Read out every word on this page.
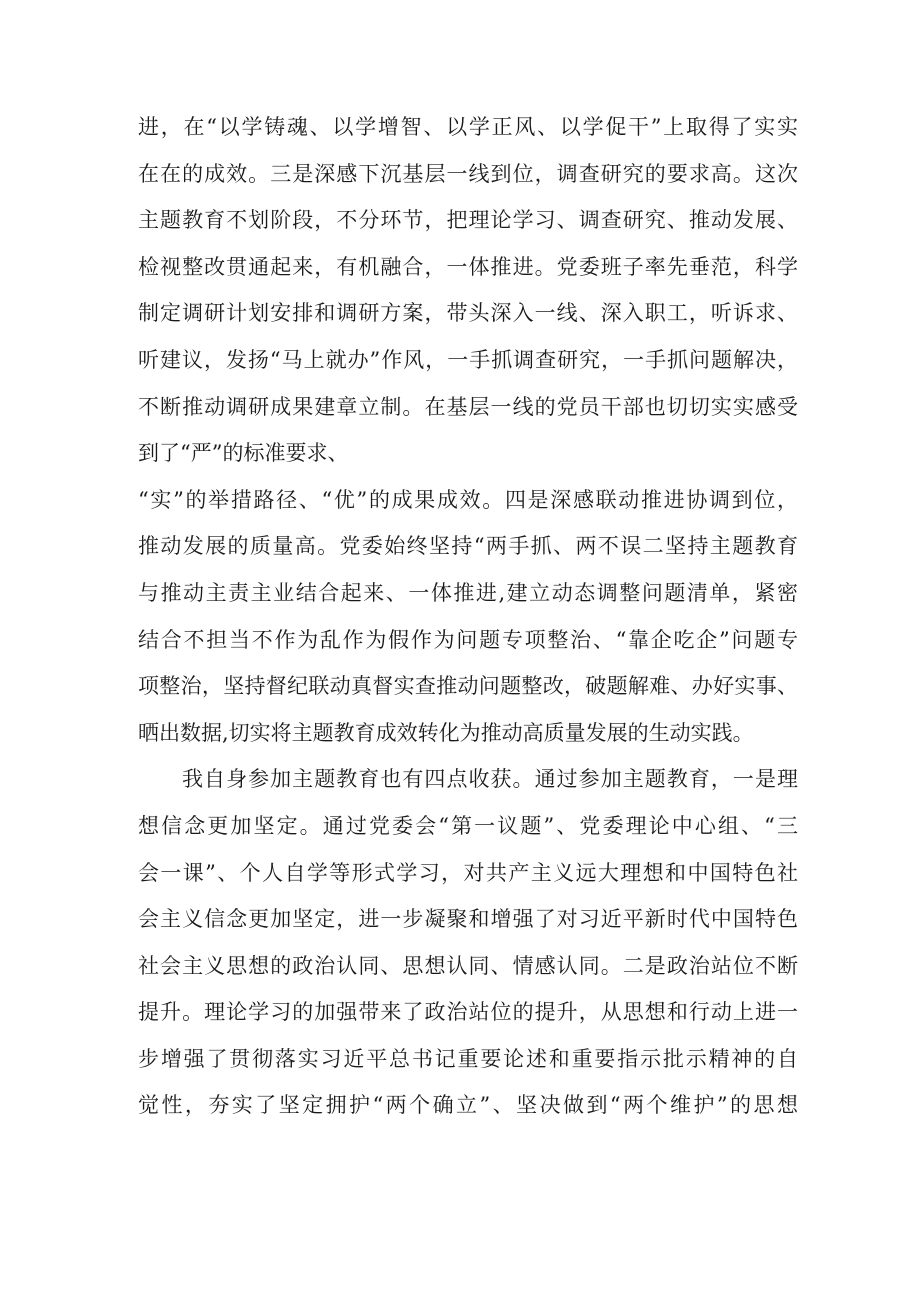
进，在“以学铸魂、以学增智、以学正风、以学促干”上取得了实实
在在的成效。三是深感下沉基层一线到位，调查研究的要求高。这次
主题教育不划阶段，不分环节，把理论学习、调查研究、推动发展、
检视整改贯通起来，有机融合，一体推进。党委班子率先垂范，科学
制定调研计划安排和调研方案，带头深入一线、深入职工，听诉求、
听建议，发扬“马上就办”作风，一手抓调查研究，一手抓问题解决，
不断推动调研成果建章立制。在基层一线的党员干部也切切实实感受
到了“严”的标准要求、
“实”的举措路径、“优”的成果成效。四是深感联动推进协调到位，
推动发展的质量高。党委始终坚持“两手抓、两不误二坚持主题教育
与推动主责主业结合起来、一体推进,建立动态调整问题清单，紧密
结合不担当不作为乱作为假作为问题专项整治、“靠企吃企”问题专
项整治，坚持督纪联动真督实查推动问题整改，破题解难、办好实事、
晒出数据,切实将主题教育成效转化为推动高质量发展的生动实践。
我自身参加主题教育也有四点收获。通过参加主题教育，一是理
想信念更加坚定。通过党委会“第一议题”、党委理论中心组、“三
会一课”、个人自学等形式学习，对共产主义远大理想和中国特色社
会主义信念更加坚定，进一步凝聚和增强了对习近平新时代中国特色
社会主义思想的政治认同、思想认同、情感认同。二是政治站位不断
提升。理论学习的加强带来了政治站位的提升，从思想和行动上进一
步增强了贯彻落实习近平总书记重要论述和重要指示批示精神的自
觉性，夯实了坚定拥护“两个确立”、坚决做到“两个维护”的思想
